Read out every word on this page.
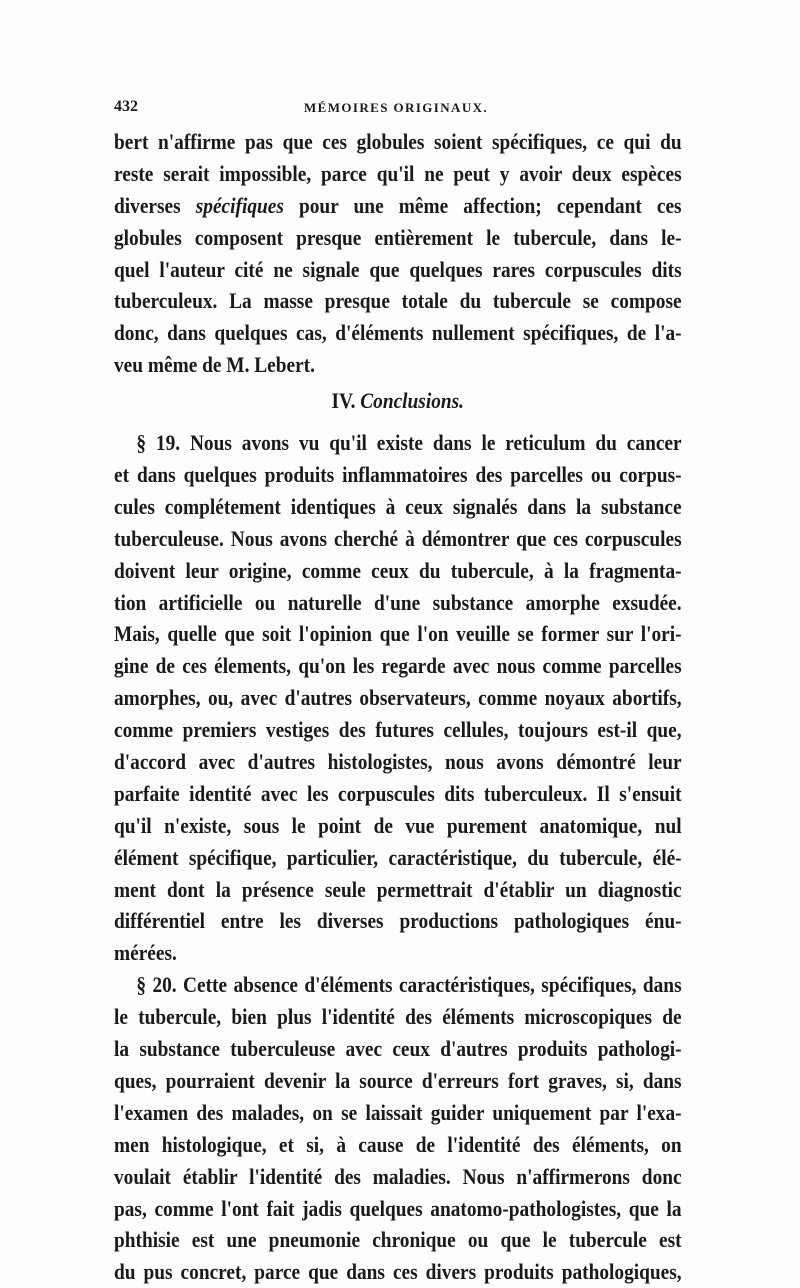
432	MÉMOIRES ORIGINAUX.
bert n'affirme pas que ces globules soient spécifiques, ce qui du
reste serait impossible, parce qu'il ne peut y avoir deux espèces
diverses spécifiques pour une même affection; cependant ces
globules composent presque entièrement le tubercule, dans le-
quel l'auteur cité ne signale que quelques rares corpuscules dits
tuberculeux. La masse presque totale du tubercule se compose
donc, dans quelques cas, d'éléments nullement spécifiques, de l'a-
veu même de M. Lebert.
IV. Conclusions.
§ 19. Nous avons vu qu'il existe dans le reticulum du cancer
et dans quelques produits inflammatoires des parcelles ou corpus-
cules complétement identiques à ceux signalés dans la substance
tuberculeuse. Nous avons cherché à démontrer que ces corpuscules
doivent leur origine, comme ceux du tubercule, à la fragmenta-
tion artificielle ou naturelle d'une substance amorphe exsudée.
Mais, quelle que soit l'opinion que l'on veuille se former sur l'ori-
gine de ces élements, qu'on les regarde avec nous comme parcelles
amorphes, ou, avec d'autres observateurs, comme noyaux abortifs,
comme premiers vestiges des futures cellules, toujours est-il que,
d'accord avec d'autres histologistes, nous avons démontré leur
parfaite identité avec les corpuscules dits tuberculeux. Il s'ensuit
qu'il n'existe, sous le point de vue purement anatomique, nul
élément spécifique, particulier, caractéristique, du tubercule, élé-
ment dont la présence seule permettrait d'établir un diagnostic
différentiel entre les diverses productions pathologiques énu-
mérées.
§ 20. Cette absence d'éléments caractéristiques, spécifiques, dans
le tubercule, bien plus l'identité des éléments microscopiques de
la substance tuberculeuse avec ceux d'autres produits pathologi-
ques, pourraient devenir la source d'erreurs fort graves, si, dans
l'examen des malades, on se laissait guider uniquement par l'exa-
men histologique, et si, à cause de l'identité des éléments, on
voulait établir l'identité des maladies. Nous n'affirmerons donc
pas, comme l'ont fait jadis quelques anatomo-pathologistes, que la
phthisie est une pneumonie chronique ou que le tubercule est
du pus concret, parce que dans ces divers produits pathologiques,
